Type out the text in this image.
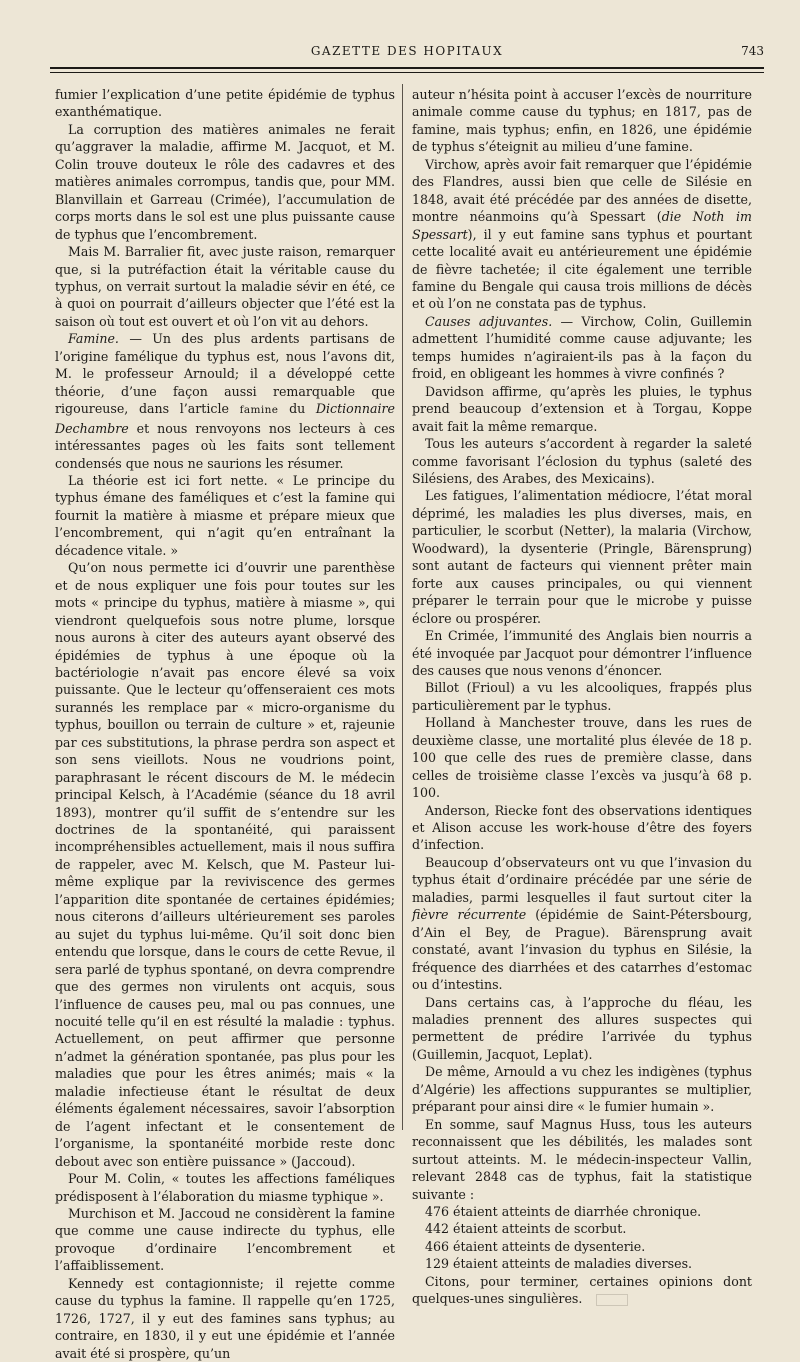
GAZETTE DES HOPITAUX	743

fumier l’explication d’une petite épidémie de typhus exanthématique.

La corruption des matières animales ne ferait qu’aggraver la maladie, affirme M. Jacquot, et M. Colin trouve douteux le rôle des cadavres et des matières animales corrompus, tandis que, pour MM. Blanvillain et Garreau (Crimée), l’accumulation de corps morts dans le sol est une plus puissante cause de typhus que l’encombrement.

Mais M. Barralier fit, avec juste raison, remarquer que, si la putréfaction était la véritable cause du typhus, on verrait surtout la maladie sévir en été, ce à quoi on pourrait d’ailleurs objecter que l’été est la saison où tout est ouvert et où l’on vit au dehors.

Famine. — Un des plus ardents partisans de l’origine famélique du typhus est, nous l’avons dit, M. le professeur Arnould; il a développé cette théorie, d’une façon aussi remarquable que rigoureuse, dans l’article famine du Dictionnaire Dechambre et nous renvoyons nos lecteurs à ces intéressantes pages où les faits sont tellement condensés que nous ne saurions les résumer.

La théorie est ici fort nette. « Le principe du typhus émane des faméliques et c’est la famine qui fournit la matière à miasme et prépare mieux que l’encombrement, qui n’agit qu’en entraînant la décadence vitale. »

Qu’on nous permette ici d’ouvrir une parenthèse et de nous expliquer une fois pour toutes sur les mots « principe du typhus, matière à miasme », qui viendront quelquefois sous notre plume, lorsque nous aurons à citer des auteurs ayant observé des épidémies de typhus à une époque où la bactériologie n’avait pas encore élevé sa voix puissante. Que le lecteur qu’offenseraient ces mots surannés les remplace par « micro-organisme du typhus, bouillon ou terrain de culture » et, rajeunie par ces substitutions, la phrase perdra son aspect et son sens vieillots. Nous ne voudrions point, paraphrasant le récent discours de M. le médecin principal Kelsch, à l’Académie (séance du 18 avril 1893), montrer qu’il suffit de s’entendre sur les doctrines de la spontanéité, qui paraissent incompréhensibles actuellement, mais il nous suffira de rappeler, avec M. Kelsch, que M. Pasteur lui-même explique par la reviviscence des germes l’apparition dite spontanée de certaines épidémies; nous citerons d’ailleurs ultérieurement ses paroles au sujet du typhus lui-même. Qu’il soit donc bien entendu que lorsque, dans le cours de cette Revue, il sera parlé de typhus spontané, on devra comprendre que des germes non virulents ont acquis, sous l’influence de causes peu, mal ou pas connues, une nocuité telle qu’il en est résulté la maladie : typhus. Actuellement, on peut affirmer que personne n’admet la génération spontanée, pas plus pour les maladies que pour les êtres animés; mais « la maladie infectieuse étant le résultat de deux éléments également nécessaires, savoir l’absorption de l’agent infectant et le consentement de l’organisme, la spontanéité morbide reste donc debout avec son entière puissance » (Jaccoud).

Pour M. Colin, « toutes les affections faméliques prédisposent à l’élaboration du miasme typhique ».

Murchison et M. Jaccoud ne considèrent la famine que comme une cause indirecte du typhus, elle provoque d’ordinaire l’encombrement et l’affaiblissement.

Kennedy est contagionniste; il rejette comme cause du typhus la famine. Il rappelle qu’en 1725, 1726, 1727, il y eut des famines sans typhus; au contraire, en 1830, il y eut une épidémie et l’année avait été si prospère, qu’un

auteur n’hésita point à accuser l’excès de nourriture animale comme cause du typhus; en 1817, pas de famine, mais typhus; enfin, en 1826, une épidémie de typhus s’éteignit au milieu d’une famine.

Virchow, après avoir fait remarquer que l’épidémie des Flandres, aussi bien que celle de Silésie en 1848, avait été précédée par des années de disette, montre néanmoins qu’à Spessart (die Noth im Spessart), il y eut famine sans typhus et pourtant cette localité avait eu antérieurement une épidémie de fièvre tachetée; il cite également une terrible famine du Bengale qui causa trois millions de décès et où l’on ne constata pas de typhus.

Causes adjuvantes. — Virchow, Colin, Guillemin admettent l’humidité comme cause adjuvante; les temps humides n’agiraient-ils pas à la façon du froid, en obligeant les hommes à vivre confinés ?

Davidson affirme, qu’après les pluies, le typhus prend beaucoup d’extension et à Torgau, Koppe avait fait la même remarque.

Tous les auteurs s’accordent à regarder la saleté comme favorisant l’éclosion du typhus (saleté des Silésiens, des Arabes, des Mexicains).

Les fatigues, l’alimentation médiocre, l’état moral déprimé, les maladies les plus diverses, mais, en particulier, le scorbut (Netter), la malaria (Virchow, Woodward), la dysenterie (Pringle, Bärensprung) sont autant de facteurs qui viennent prêter main forte aux causes principales, ou qui viennent préparer le terrain pour que le microbe y puisse éclore ou prospérer.

En Crimée, l’immunité des Anglais bien nourris a été invoquée par Jacquot pour démontrer l’influence des causes que nous venons d’énoncer.

Billot (Frioul) a vu les alcooliques, frappés plus particulièrement par le typhus.

Holland à Manchester trouve, dans les rues de deuxième classe, une mortalité plus élevée de 18 p. 100 que celle des rues de première classe, dans celles de troisième classe l’excès va jusqu’à 68 p. 100.

Anderson, Riecke font des observations identiques et Alison accuse les work-house d’être des foyers d’infection.

Beaucoup d’observateurs ont vu que l’invasion du typhus était d’ordinaire précédée par une série de maladies, parmi lesquelles il faut surtout citer la fièvre récurrente (épidémie de Saint-Pétersbourg, d’Ain el Bey, de Prague). Bärensprung avait constaté, avant l’invasion du typhus en Silésie, la fréquence des diarrhées et des catarrhes d’estomac ou d’intestins.

Dans certains cas, à l’approche du fléau, les maladies prennent des allures suspectes qui permettent de prédire l’arrivée du typhus (Guillemin, Jacquot, Leplat).

De même, Arnould a vu chez les indigènes (typhus d’Algérie) les affections suppurantes se multiplier, préparant pour ainsi dire « le fumier humain ».

En somme, sauf Magnus Huss, tous les auteurs reconnaissent que les débilités, les malades sont surtout atteints. M. le médecin-inspecteur Vallin, relevant 2848 cas de typhus, fait la statistique suivante :

476 étaient atteints de diarrhée chronique.

442 étaient atteints de scorbut.

466 étaient atteints de dysenterie.

129 étaient atteints de maladies diverses.

Citons, pour terminer, certaines opinions dont quelques-unes singulières.
